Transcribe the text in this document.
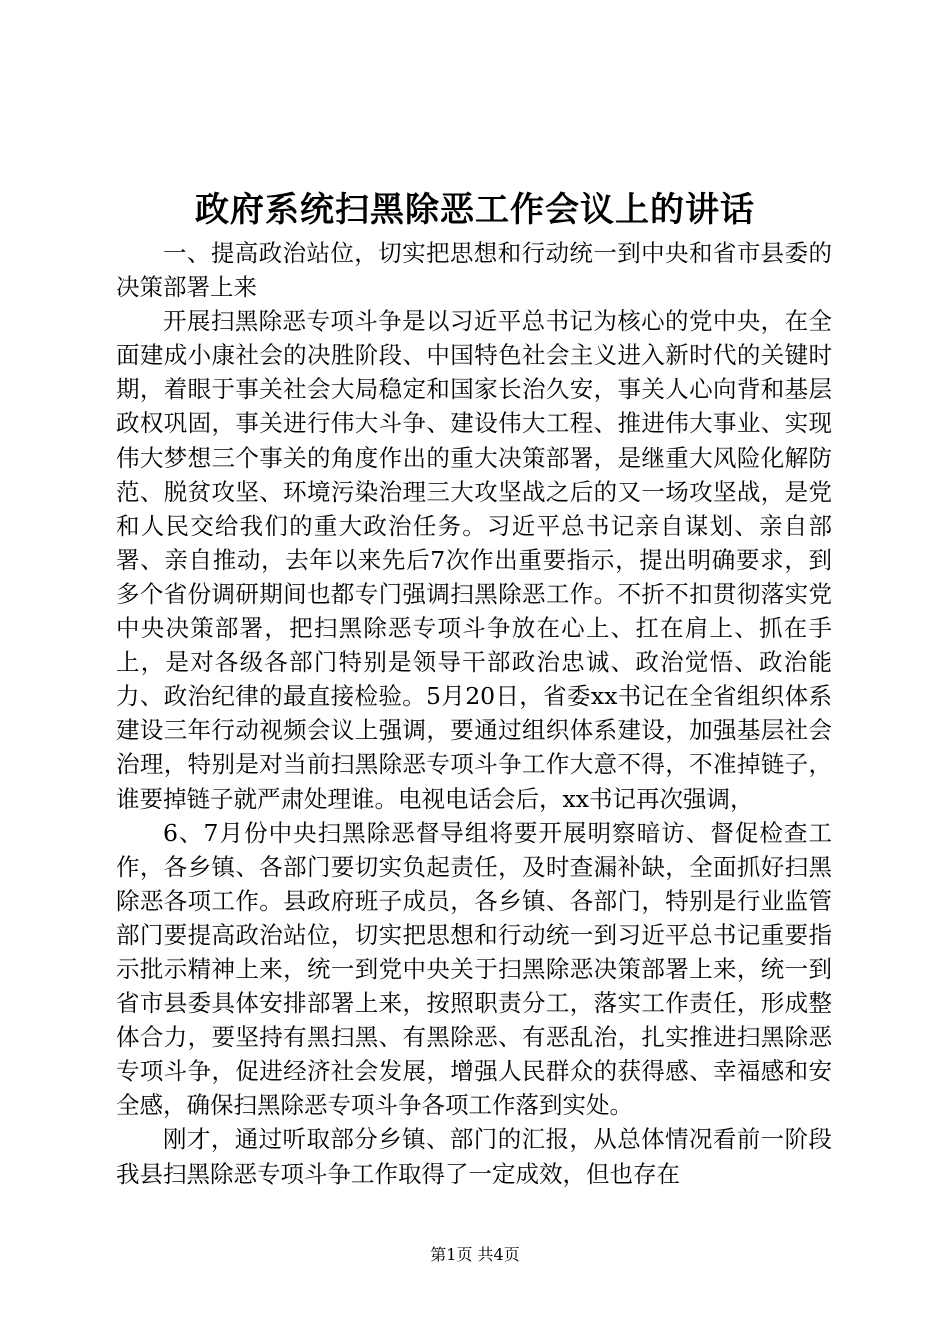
政府系统扫黑除恶工作会议上的讲话

一、提高政治站位，切实把思想和行动统一到中央和省市县委的决策部署上来

开展扫黑除恶专项斗争是以习近平总书记为核心的党中央，在全面建成小康社会的决胜阶段、中国特色社会主义进入新时代的关键时期，着眼于事关社会大局稳定和国家长治久安，事关人心向背和基层政权巩固，事关进行伟大斗争、建设伟大工程、推进伟大事业、实现伟大梦想三个事关的角度作出的重大决策部署，是继重大风险化解防范、脱贫攻坚、环境污染治理三大攻坚战之后的又一场攻坚战，是党和人民交给我们的重大政治任务。习近平总书记亲自谋划、亲自部署、亲自推动，去年以来先后7次作出重要指示，提出明确要求，到多个省份调研期间也都专门强调扫黑除恶工作。不折不扣贯彻落实党中央决策部署，把扫黑除恶专项斗争放在心上、扛在肩上、抓在手上，是对各级各部门特别是领导干部政治忠诚、政治觉悟、政治能力、政治纪律的最直接检验。5月20日，省委xx书记在全省组织体系建设三年行动视频会议上强调，要通过组织体系建设，加强基层社会治理，特别是对当前扫黑除恶专项斗争工作大意不得，不准掉链子，谁要掉链子就严肃处理谁。电视电话会后，xx书记再次强调，

6、7月份中央扫黑除恶督导组将要开展明察暗访、督促检查工作，各乡镇、各部门要切实负起责任，及时查漏补缺，全面抓好扫黑除恶各项工作。县政府班子成员，各乡镇、各部门，特别是行业监管部门要提高政治站位，切实把思想和行动统一到习近平总书记重要指示批示精神上来，统一到党中央关于扫黑除恶决策部署上来，统一到省市县委具体安排部署上来，按照职责分工，落实工作责任，形成整体合力，要坚持有黑扫黑、有黑除恶、有恶乱治，扎实推进扫黑除恶专项斗争，促进经济社会发展，增强人民群众的获得感、幸福感和安全感，确保扫黑除恶专项斗争各项工作落到实处。

刚才，通过听取部分乡镇、部门的汇报，从总体情况看前一阶段我县扫黑除恶专项斗争工作取得了一定成效，但也存在

第1页 共4页
